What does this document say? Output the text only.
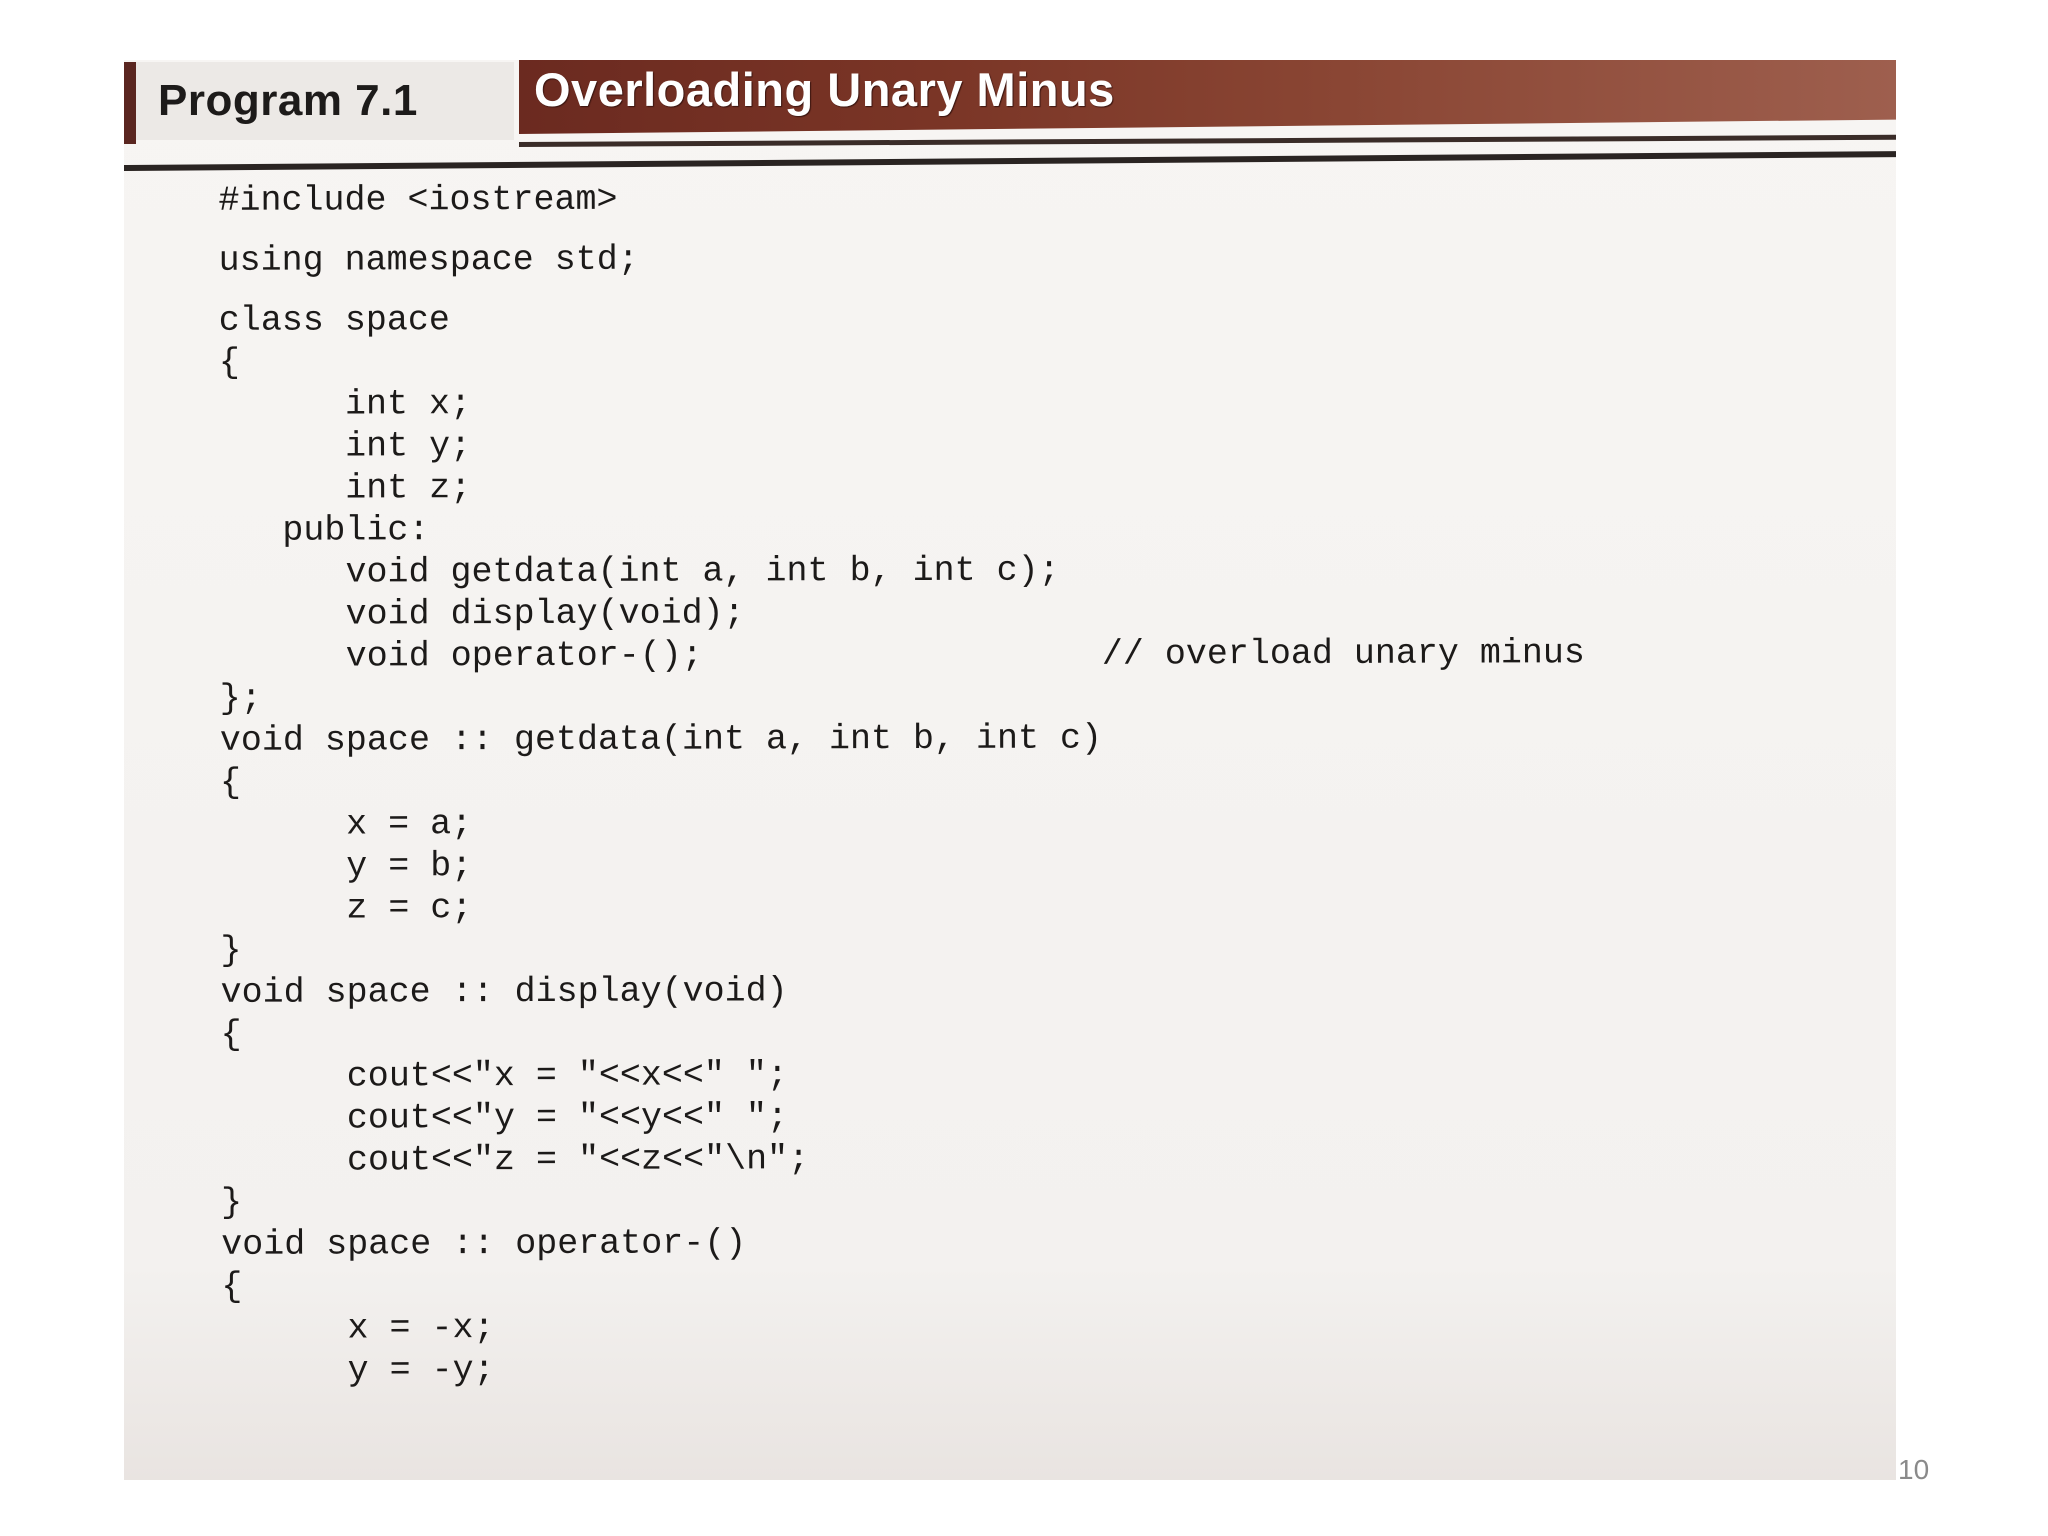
Program 7.1 Overloading Unary Minus
#include <iostream>

using namespace std;

class space
{
int x;
int y;
int z;
public:
void getdata(int a, int b, int c);
void display(void);
void operator-();                   // overload unary minus
};
void space :: getdata(int a, int b, int c)
{
x = a;
y = b;
z = c;
}
void space :: display(void)
{
cout<<"x = "<<x<<" ";
cout<<"y = "<<y<<" ";
cout<<"z = "<<z<<"\n";
}
void space :: operator-()
{
x = -x;
y = -y;
10
